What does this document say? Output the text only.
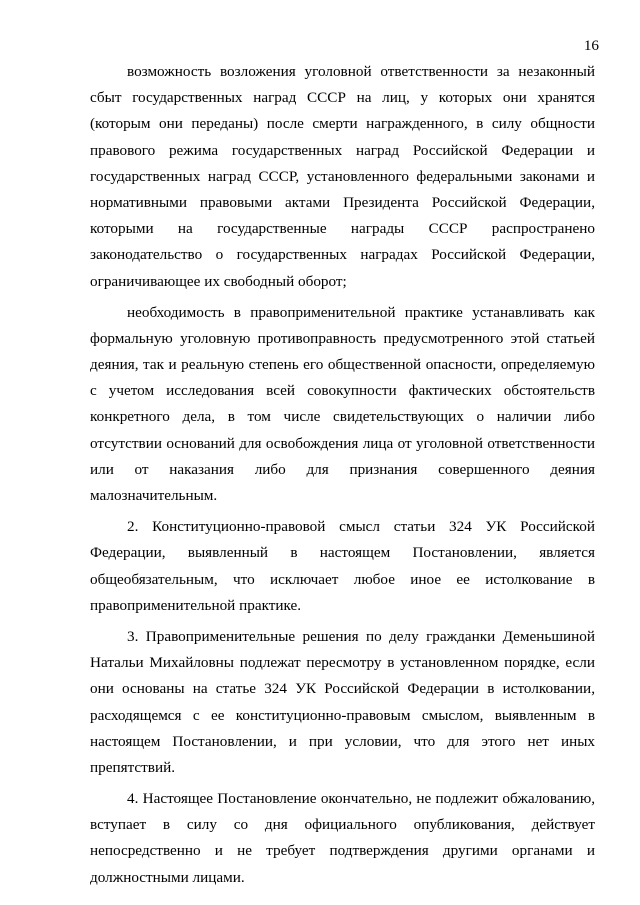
16
возможность возложения уголовной ответственности за незаконный
сбыт государственных наград СССР на лиц, у которых они хранятся
(которым они переданы) после смерти награжденного, в силу общности
правового режима государственных наград Российской Федерации и
государственных наград СССР, установленного федеральными законами и
нормативными правовыми актами Президента Российской Федерации,
которыми на государственные награды СССР распространено
законодательство о государственных наградах Российской Федерации,
ограничивающее их свободный оборот;
необходимость в правоприменительной практике устанавливать как
формальную уголовную противоправность предусмотренного этой статьей
деяния, так и реальную степень его общественной опасности, определяемую
с учетом исследования всей совокупности фактических обстоятельств
конкретного дела, в том числе свидетельствующих о наличии либо
отсутствии оснований для освобождения лица от уголовной ответственности
или от наказания либо для признания совершенного деяния
малозначительным.
2. Конституционно-правовой смысл статьи 324 УК Российской
Федерации, выявленный в настоящем Постановлении, является
общеобязательным, что исключает любое иное ее истолкование в
правоприменительной практике.
3. Правоприменительные решения по делу гражданки Деменьшиной
Натальи Михайловны подлежат пересмотру в установленном порядке, если
они основаны на статье 324 УК Российской Федерации в истолковании,
расходящемся с ее конституционно-правовым смыслом, выявленным в
настоящем Постановлении, и при условии, что для этого нет иных
препятствий.
4. Настоящее Постановление окончательно, не подлежит обжалованию,
вступает в силу со дня официального опубликования, действует
непосредственно и не требует подтверждения другими органами и
должностными лицами.
